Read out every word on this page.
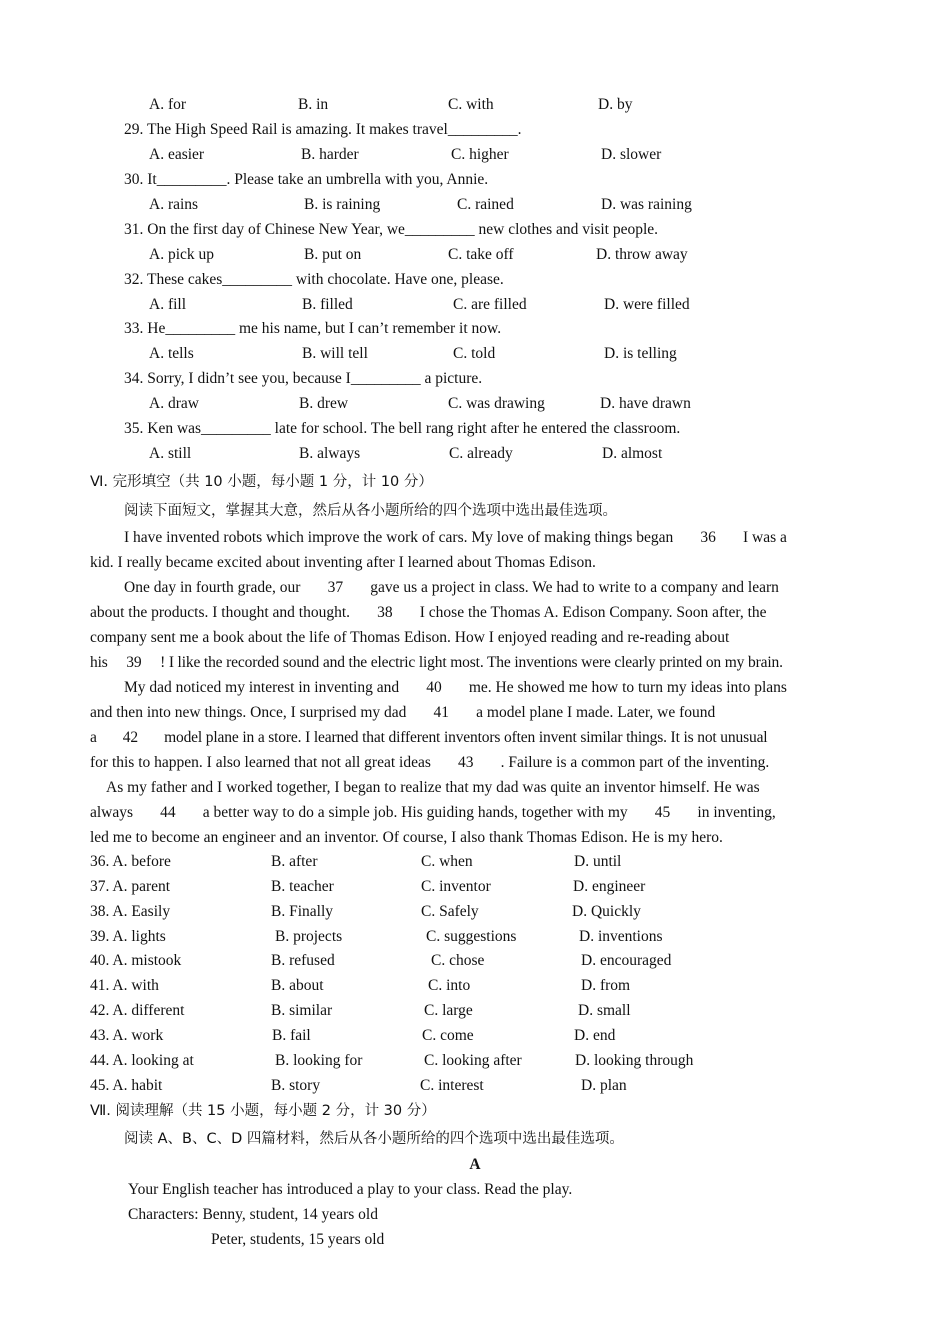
A. for	B. in	C. with	D. by
29. The High Speed Rail is amazing. It makes travel_________.
A. easier	B. harder	C. higher	D. slower
30. It_________. Please take an umbrella with you, Annie.
A. rains	B. is raining	C. rained	D. was raining
31. On the first day of Chinese New Year, we_________ new clothes and visit people.
A. pick up	B. put on	C. take off	D. throw away
32. These cakes_________ with chocolate. Have one, please.
A. fill	B. filled	C. are filled	D. were filled
33. He_________ me his name, but I can’t remember it now.
A. tells	B. will tell	C. told	D. is telling
34. Sorry, I didn’t see you, because I_________ a picture.
A. draw	B. drew	C. was drawing	D. have drawn
35. Ken was_________ late for school. The bell rang right after he entered the classroom.
A. still	B. always	C. already	D. almost
Ⅵ. 完形填空（共 10 小题，每小题 1 分，计 10 分）
阅读下面短文，掌握其大意，然后从各小题所给的四个选项中选出最佳选项。
I have invented robots which improve the work of cars. My love of making things began       36       I was a
kid. I really became excited about inventing after I learned about Thomas Edison.
One day in fourth grade, our       37       gave us a project in class. We had to write to a company and learn
about the products. I thought and thought.       38       I chose the Thomas A. Edison Company. Soon after, the
company sent me a book about the life of Thomas Edison. How I enjoyed reading and re-reading about
his     39     ! I like the recorded sound and the electric light most. The inventions were clearly printed on my brain.
My dad noticed my interest in inventing and       40       me. He showed me how to turn my ideas into plans
and then into new things. Once, I surprised my dad       41       a model plane I made. Later, we found
a       42       model plane in a store. I learned that different inventors often invent similar things. It is not unusual
for this to happen. I also learned that not all great ideas       43       . Failure is a common part of the inventing.
As my father and I worked together, I began to realize that my dad was quite an inventor himself. He was
always       44       a better way to do a simple job. His guiding hands, together with my       45       in inventing,
led me to become an engineer and an inventor. Of course, I also thank Thomas Edison. He is my hero.
36. A. before	B. after	C. when	D. until
37. A. parent	B. teacher	C. inventor	D. engineer
38. A. Easily	B. Finally	C. Safely	D. Quickly
39. A. lights	B. projects	C. suggestions	D. inventions
40. A. mistook	B. refused	C. chose	D. encouraged
41. A. with	B. about	C. into	D. from
42. A. different	B. similar	C. large	D. small
43. A. work	B. fail	C. come	D. end
44. A. looking at	B. looking for	C. looking after	D. looking through
45. A. habit	B. story	C. interest	D. plan
Ⅶ. 阅读理解（共 15 小题，每小题 2 分，计 30 分）
阅读 A、B、C、D 四篇材料，然后从各小题所给的四个选项中选出最佳选项。
A
Your English teacher has introduced a play to your class. Read the play.
Characters: Benny, student, 14 years old
Peter, students, 15 years old
